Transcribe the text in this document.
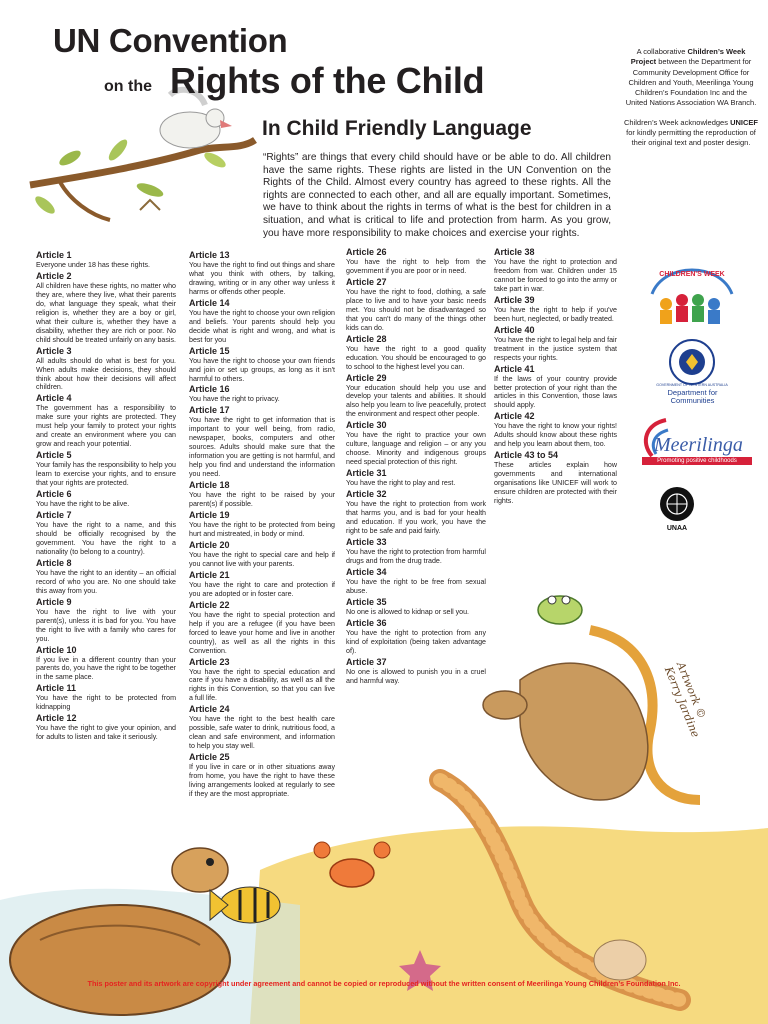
UN Convention
on the Rights of the Child
In Child Friendly Language
“Rights” are things that every child should have or be able to do. All children have the same rights. These rights are listed in the UN Convention on the Rights of the Child. Almost every country has agreed to these rights. All the rights are connected to each other, and all are equally important. Sometimes, we have to think about the rights in terms of what is the best for children in a situation, and what is critical to life and protection from harm. As you grow, you have more responsibility to make choices and exercise your rights.

A collaborative Children’s Week Project between the Department for Community Development Office for Children and Youth, Meerilinga Young Children’s Foundation Inc and the United Nations Association WA Branch.

Children’s Week acknowledges UNICEF for kindly permitting the reproduction of their original text and poster design.

CHILDREN'S WEEK
GOVERNMENT OF WESTERN AUSTRALIA
Department for Communities
Meerilinga
Promoting positive childhoods
UNAA
Article 1

Everyone under 18 has these rights.

Article 2

All children have these rights, no matter who they are, where they live, what their parents do, what language they speak, what their religion is, whether they are a boy or girl, what their culture is, whether they have a disability, whether they are rich or poor. No child should be treated unfairly on any basis.

Article 3

All adults should do what is best for you. When adults make decisions, they should think about how their decisions will affect children.

Article 4

The government has a responsibility to make sure your rights are protected. They must help your family to protect your rights and create an environment where you can grow and reach your potential.

Article 5

Your family has the responsibility to help you learn to exercise your rights, and to ensure that your rights are protected.

Article 6

You have the right to be alive.

Article 7

You have the right to a name, and this should be officially recognised by the government. You have the right to a nationality (to belong to a country).

Article 8

You have the right to an identity – an official record of who you are. No one should take this away from you.

Article 9

You have the right to live with your parent(s), unless it is bad for you. You have the right to live with a family who cares for you.

Article 10

If you live in a different country than your parents do, you have the right to be together in the same place.

Article 11

You have the right to be protected from kidnapping

Article 12

You have the right to give your opinion, and for adults to listen and take it seriously.

Article 13

You have the right to find out things and share what you think with others, by talking, drawing, writing or in any other way unless it harms or offends other people.

Article 14

You have the right to choose your own religion and beliefs. Your parents should help you decide what is right and wrong, and what is best for you

Article 15

You have the right to choose your own friends and join or set up groups, as long as it isn't harmful to others.

Article 16

You have the right to privacy.

Article 17

You have the right to get information that is important to your well being, from radio, newspaper, books, computers and other sources. Adults should make sure that the information you are getting is not harmful, and help you find and understand the information you need.

Article 18

You have the right to be raised by your parent(s) if possible.

Article 19

You have the right to be protected from being hurt and mistreated, in body or mind.

Article 20

You have the right to special care and help if you cannot live with your parents.

Article 21

You have the right to care and protection if you are adopted or in foster care.

Article 22

You have the right to special protection and help if you are a refugee (if you have been forced to leave your home and live in another country), as well as all the rights in this Convention.

Article 23

You have the right to special education and care if you have a disability, as well as all the rights in this Convention, so that you can live a full life.

Article 24

You have the right to the best health care possible, safe water to drink, nutritious food, a clean and safe environment, and information to help you stay well.

Article 25

If you live in care or in other situations away from home, you have the right to have these living arrangements looked at regularly to see if they are the most appropriate.

Article 26

You have the right to help from the government if you are poor or in need.

Article 27

You have the right to food, clothing, a safe place to live and to have your basic needs met. You should not be disadvantaged so that you can't do many of the things other kids can do.

Article 28

You have the right to a good quality education. You should be encouraged to go to school to the highest level you can.

Article 29

Your education should help you use and develop your talents and abilities. It should also help you learn to live peacefully, protect the environment and respect other people.

Article 30

You have the right to practice your own culture, language and religion – or any you choose. Minority and indigenous groups need special protection of this right.

Article 31

You have the right to play and rest.

Article 32

You have the right to protection from work that harms you, and is bad for your health and education. If you work, you have the right to be safe and paid fairly.

Article 33

You have the right to protection from harmful drugs and from the drug trade.

Article 34

You have the right to be free from sexual abuse.

Article 35

No one is allowed to kidnap or sell you.

Article 36

You have the right to protection from any kind of exploitation (being taken advantage of).

Article 37

No one is allowed to punish you in a cruel and harmful way.

Article 38

You have the right to protection and freedom from war. Children under 15 cannot be forced to go into the army or take part in war.

Article 39

You have the right to help if you've been hurt, neglected, or badly treated.

Article 40

You have the right to legal help and fair treatment in the justice system that respects your rights.

Article 41

If the laws of your country provide better protection of your right than the articles in this Convention, those laws should apply.

Article 42

You have the right to know your rights! Adults should know about these rights and help you learn about them, too.

Article 43 to 54

These articles explain how governments and international organisations like UNICEF will work to ensure children are protected with their rights.

Artwork © Kerry Jardine
This poster and its artwork are copyright under agreement and cannot be copied or reproduced without the written consent of Meerilinga Young Children’s Foundation Inc.
